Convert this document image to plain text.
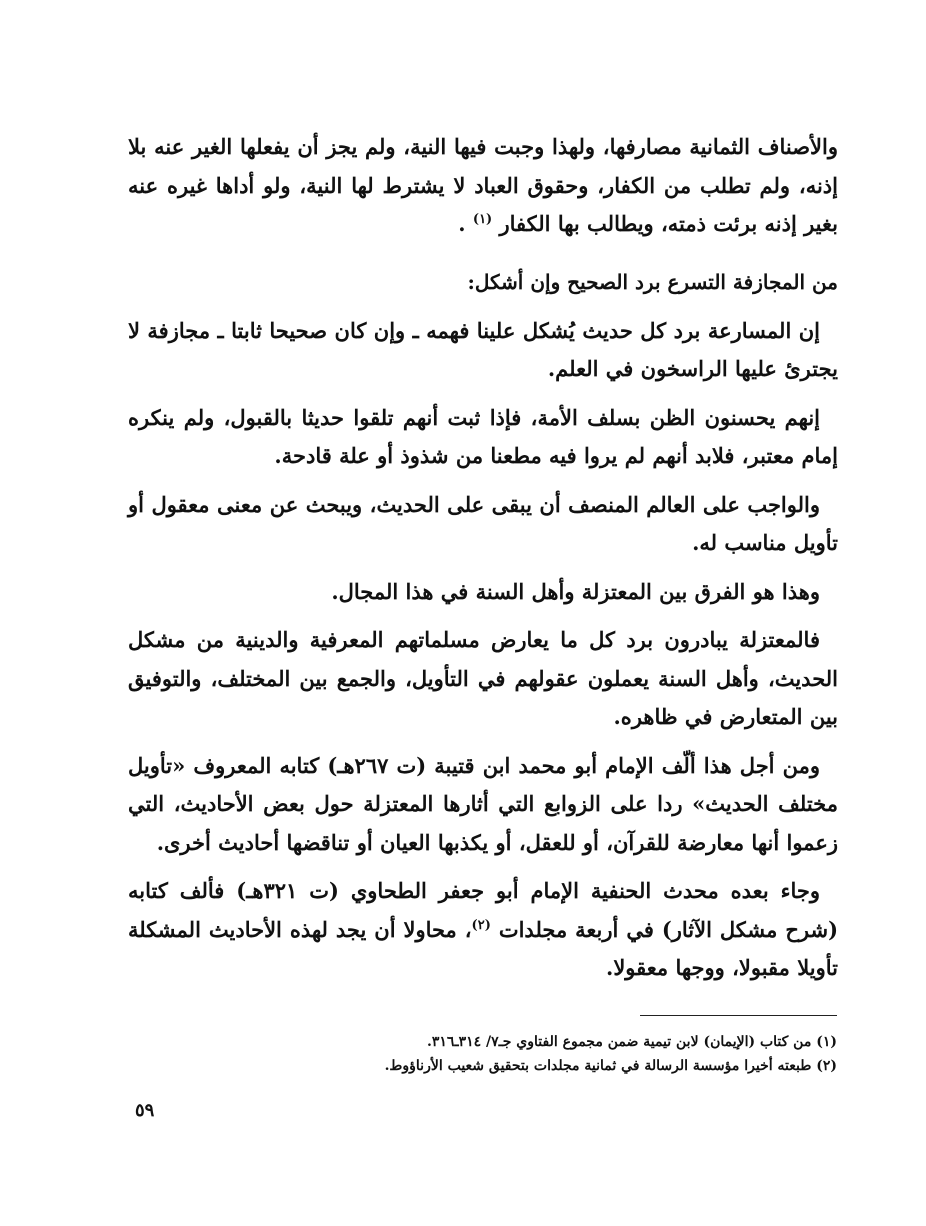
والأصناف الثمانية مصارفها، ولهذا وجبت فيها النية، ولم يجز أن يفعلها الغير عنه بلا إذنه، ولم تطلب من الكفار، وحقوق العباد لا يشترط لها النية، ولو أداها غيره عنه بغير إذنه برئت ذمته، ويطالب بها الكفار $^{(١)}$ .

من المجازفة التسرع برد الصحيح وإن أشكل:

إن المسارعة برد كل حديث يُشكل علينا فهمه ـ وإن كان صحيحا ثابتا ـ مجازفة لا يجترئ عليها الراسخون في العلم.

إنهم يحسنون الظن بسلف الأمة، فإذا ثبت أنهم تلقوا حديثا بالقبول، ولم ينكره إمام معتبر، فلابد أنهم لم يروا فيه مطعنا من شذوذ أو علة قادحة.

والواجب على العالم المنصف أن يبقى على الحديث، ويبحث عن معنى معقول أو تأويل مناسب له.

وهذا هو الفرق بين المعتزلة وأهل السنة في هذا المجال.

فالمعتزلة يبادرون برد كل ما يعارض مسلماتهم المعرفية والدينية من مشكل الحديث، وأهل السنة يعملون عقولهم في التأويل، والجمع بين المختلف، والتوفيق بين المتعارض في ظاهره.

ومن أجل هذا ألّف الإمام أبو محمد ابن قتيبة (ت ٢٦٧هـ) كتابه المعروف «تأويل مختلف الحديث» ردا على الزوابع التي أثارها المعتزلة حول بعض الأحاديث، التي زعموا أنها معارضة للقرآن، أو للعقل، أو يكذبها العيان أو تناقضها أحاديث أخرى.

وجاء بعده محدث الحنفية الإمام أبو جعفر الطحاوي (ت ٣٢١هـ) فألف كتابه (شرح مشكل الآثار) في أربعة مجلدات $^{(٢)}$، محاولا أن يجد لهذه الأحاديث المشكلة تأويلا مقبولا، ووجها معقولا.

(١) من كتاب (الإيمان) لابن تيمية ضمن مجموع الفتاوي جـ٧/ ٣١٤ـ٣١٦.
(٢) طبعته أخيرا مؤسسة الرسالة في ثمانية مجلدات بتحقيق شعيب الأرناؤوط.
٥٩
